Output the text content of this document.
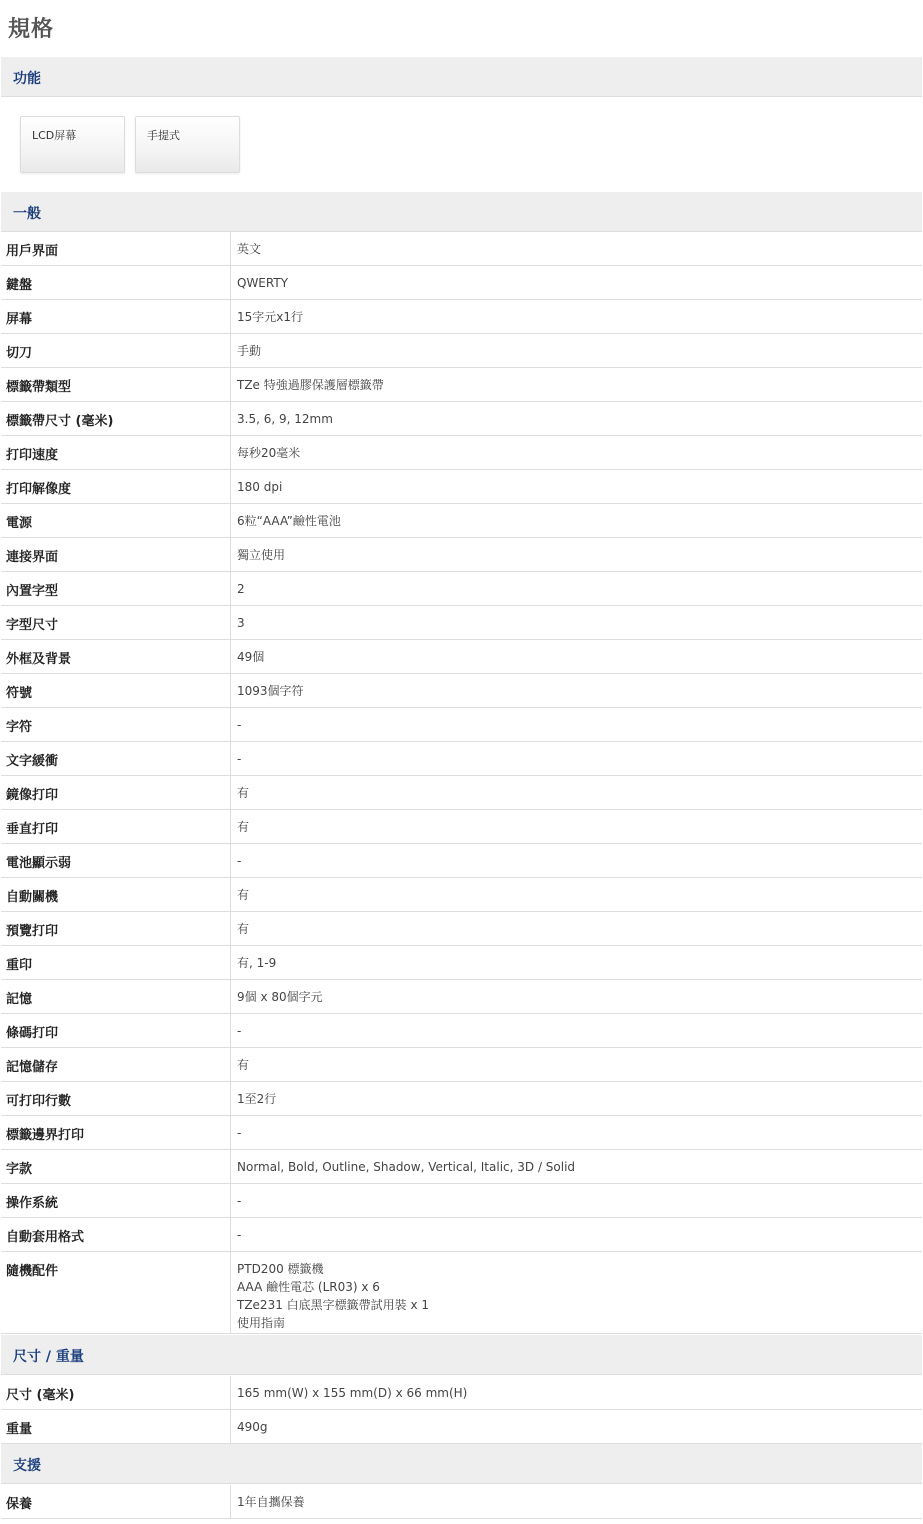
規格
功能
LCD屏幕	手提式
一般
用戶界面	英文
鍵盤	QWERTY
屏幕	15字元x1行
切刀	手動
標籤帶類型	TZe 特強過膠保護層標籤帶
標籤帶尺寸 (毫米)	3.5, 6, 9, 12mm
打印速度	每秒20毫米
打印解像度	180 dpi
電源	6粒“AAA”鹼性電池
連接界面	獨立使用
內置字型	2
字型尺寸	3
外框及背景	49個
符號	1093個字符
字符	-
文字緩衝	-
鏡像打印	有
垂直打印	有
電池顯示弱	-
自動關機	有
預覽打印	有
重印	有, 1-9
記憶	9個 x 80個字元
條碼打印	-
記憶儲存	有
可打印行數	1至2行
標籤邊界打印	-
字款	Normal, Bold, Outline, Shadow, Vertical, Italic, 3D / Solid
操作系統	-
自動套用格式	-
隨機配件	PTD200 標籤機
AAA 鹼性電芯 (LR03) x 6
TZe231 白底黑字標籤帶試用裝 x 1
使用指南
尺寸 / 重量
尺寸 (毫米)	165 mm(W) x 155 mm(D) x 66 mm(H)
重量	490g
支援
保養	1年自攜保養
